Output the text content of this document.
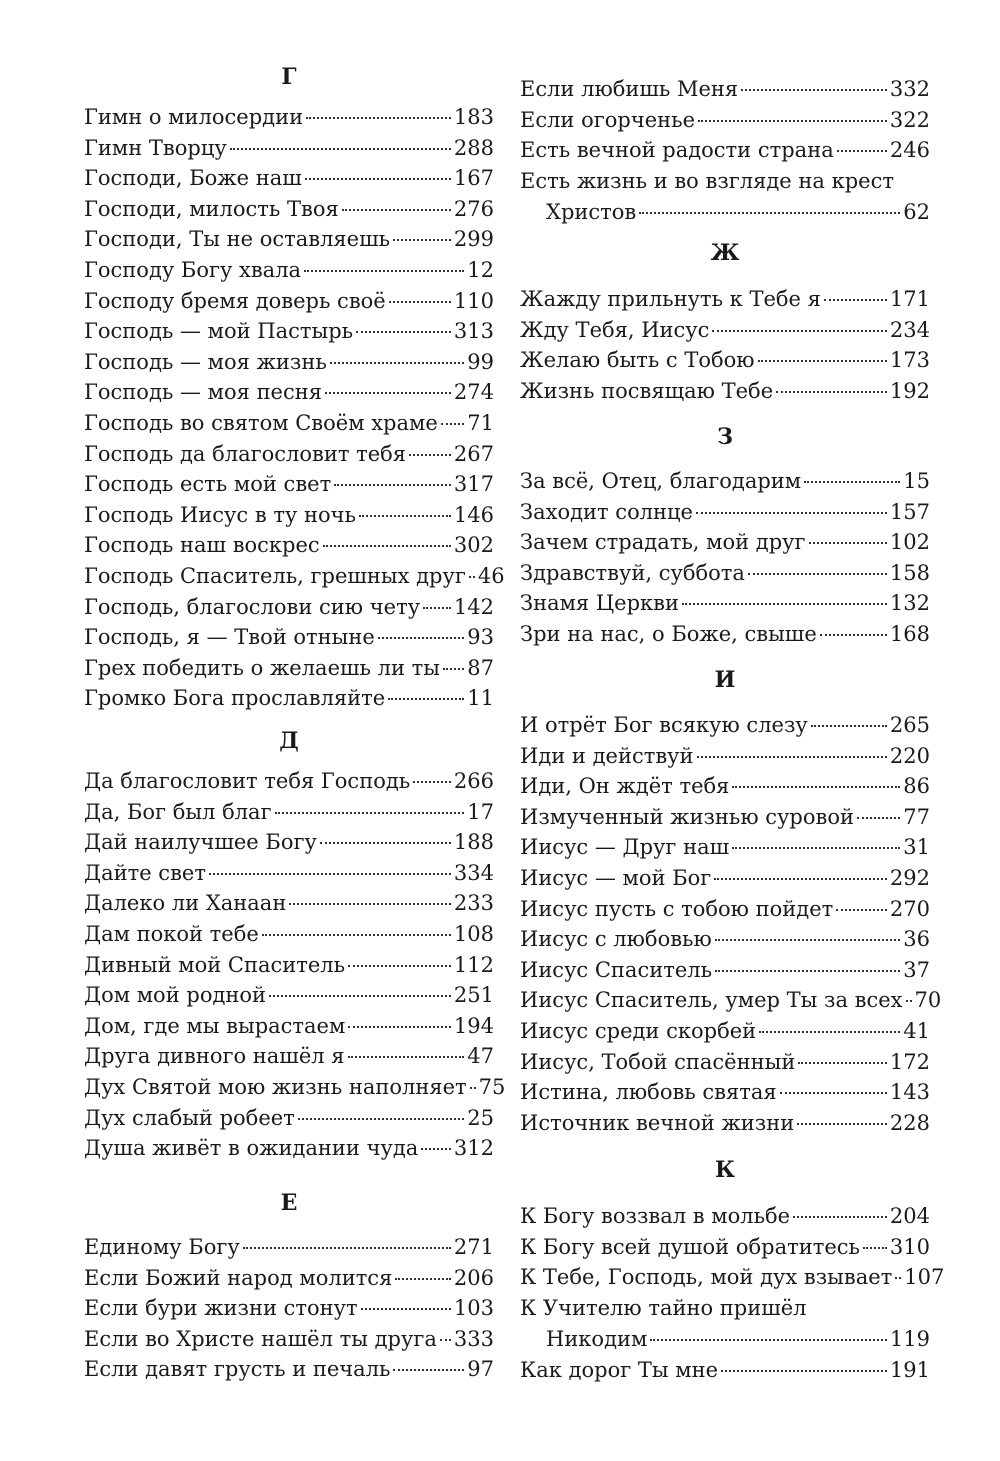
Г
Гимн о милосердии	183
Гимн Творцу	288
Господи, Боже наш	167
Господи, милость Твоя	276
Господи, Ты не оставляешь	299
Господу Богу хвала	12
Господу бремя доверь своё	110
Господь — мой Пастырь	313
Господь — моя жизнь	99
Господь — моя песня	274
Господь во святом Своём храме 71
Господь да благословит тебя 267
Господь есть мой свет	317
Господь Иисус в ту ночь	146
Господь наш воскрес	302
Господь Спаситель, грешных друг 46
Господь, благослови сию чету 142
Господь, я — Твой отныне	93
Грех победить о желаешь ли ты 87
Громко Бога прославляйте	11
Д
Да благословит тебя Господь 266
Да, Бог был благ	17
Дай наилучшее Богу	188
Дайте свет	334
Далеко ли Ханаан	233
Дам покой тебе	108
Дивный мой Спаситель	112
Дом мой родной	251
Дом, где мы вырастаем	194
Друга дивного нашёл я	47
Дух Святой мою жизнь наполняет 75
Дух слабый робеет	25
Душа живёт в ожидании чуда 312
Е
Единому Богу	271
Если Божий народ молится	206
Если бури жизни стонут	103
Если во Христе нашёл ты друга 333
Если давят грусть и печаль	97
Если любишь Меня	332
Если огорченье	322
Есть вечной радости страна	246
Есть жизнь и во взгляде на крест
Христов	62
Ж
Жажду прильнуть к Тебе я	171
Жду Тебя, Иисус	234
Желаю быть с Тобою	173
Жизнь посвящаю Тебе	192
З
За всё, Отец, благодарим	15
Заходит солнце	157
Зачем страдать, мой друг	102
Здравствуй, суббота	158
Знамя Церкви	132
Зри на нас, о Боже, свыше	168
И
И отрёт Бог всякую слезу	265
Иди и действуй	220
Иди, Он ждёт тебя	86
Измученный жизнью суровой 77
Иисус — Друг наш	31
Иисус — мой Бог	292
Иисус пусть с тобою пойдет	270
Иисус с любовью	36
Иисус Спаситель	37
Иисус Спаситель, умер Ты за всех 70
Иисус среди скорбей	41
Иисус, Тобой спасённый	172
Истина, любовь святая	143
Источник вечной жизни	228
К
К Богу воззвал в мольбе	204
К Богу всей душой обратитесь 310
К Тебе, Господь, мой дух взывает 107
К Учителю тайно пришёл
Никодим	119
Как дорог Ты мне	191
